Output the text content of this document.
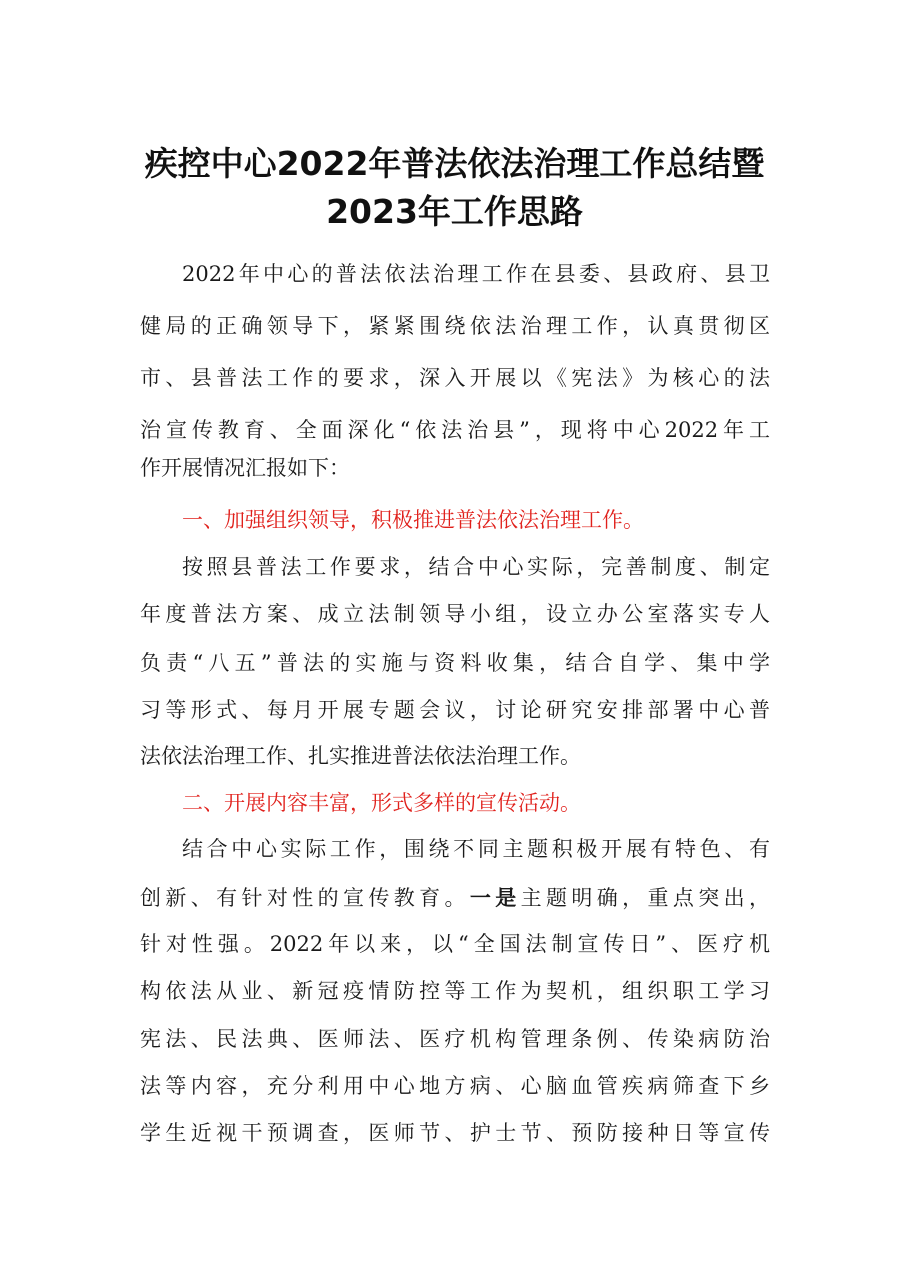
疾控中心2022年普法依法治理工作总结暨
2023年工作思路
2022年中心的普法依法治理工作在县委、县政府、县卫
健局的正确领导下，紧紧围绕依法治理工作，认真贯彻区
市、县普法工作的要求，深入开展以《宪法》为核心的法
治宣传教育、全面深化“依法治县”，现将中心2022年工
作开展情况汇报如下：
一、加强组织领导，积极推进普法依法治理工作。
按照县普法工作要求，结合中心实际，完善制度、制定
年度普法方案、成立法制领导小组，设立办公室落实专人
负责“八五”普法的实施与资料收集，结合自学、集中学
习等形式、每月开展专题会议，讨论研究安排部署中心普
法依法治理工作、扎实推进普法依法治理工作。
二、开展内容丰富，形式多样的宣传活动。
结合中心实际工作，围绕不同主题积极开展有特色、有
创新、有针对性的宣传教育。一是主题明确，重点突出，
针对性强。2022年以来，以“全国法制宣传日”、医疗机
构依法从业、新冠疫情防控等工作为契机，组织职工学习
宪法、民法典、医师法、医疗机构管理条例、传染病防治
法等内容，充分利用中心地方病、心脑血管疾病筛查下乡
学生近视干预调查，医师节、护士节、预防接种日等宣传
